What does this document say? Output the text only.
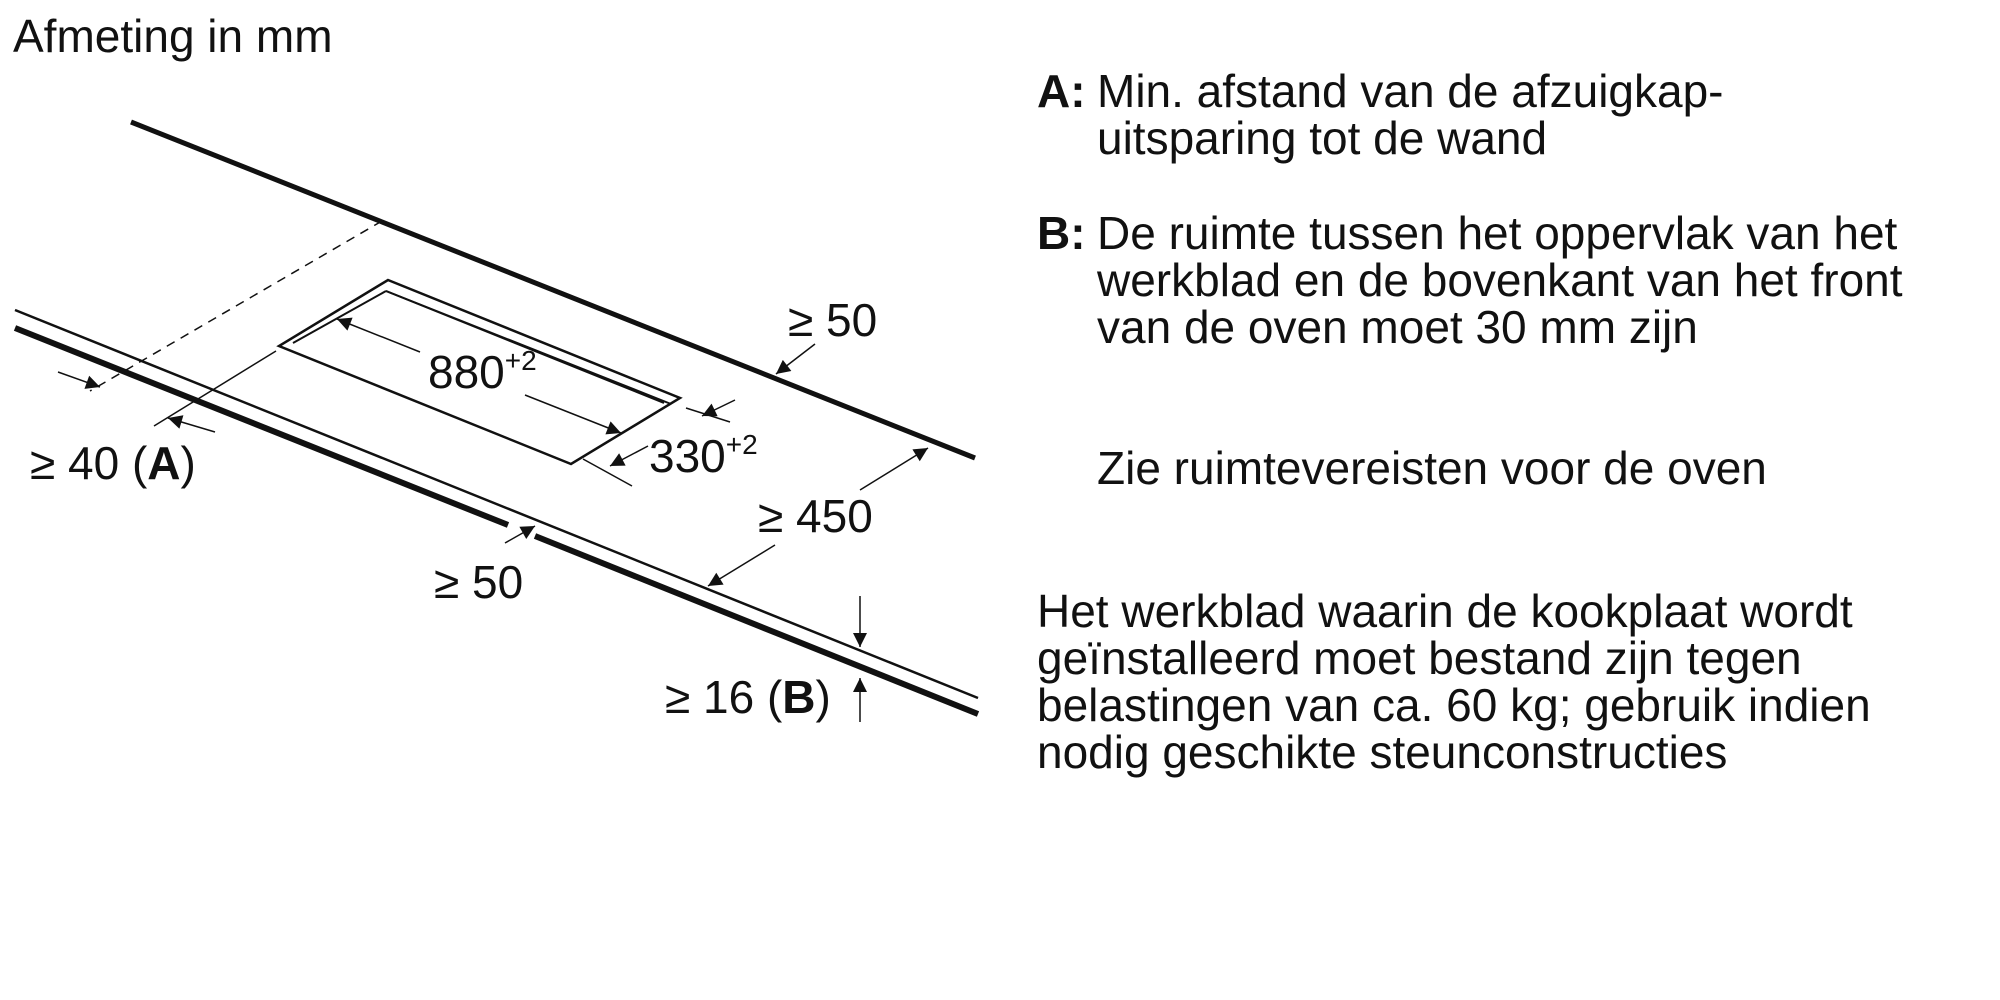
Afmeting in mm
$880^{+2}$
$330^{+2}$
≥ 50
≥ 450
≥ 50
≥ 40 (A)
≥ 16 (B)
A: Min. afstand van de afzuigkap-uitsparing tot de wand
B: De ruimte tussen het oppervlak van het werkblad en de bovenkant van het front van de oven moet 30 mm zijn
Zie ruimtevereisten voor de oven
Het werkblad waarin de kookplaat wordt geïnstalleerd moet bestand zijn tegen belastingen van ca. 60 kg; gebruik indien nodig geschikte steunconstructies
